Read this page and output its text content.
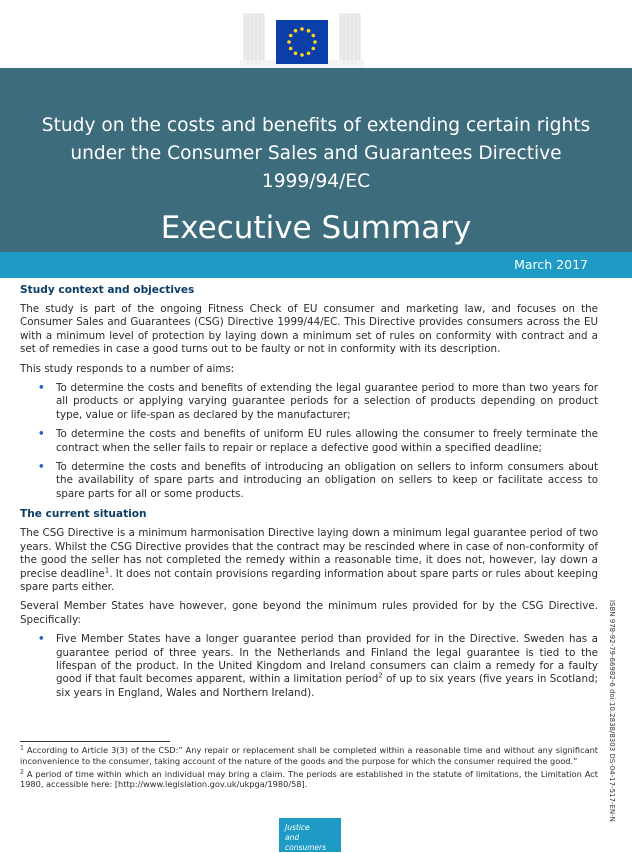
Study on the costs and benefits of extending certain rights
under the Consumer Sales and Guarantees Directive
1999/94/EC
Executive Summary
March 2017
Study context and objectives

The study is part of the ongoing Fitness Check of EU consumer and marketing law, and focuses on the Consumer Sales and Guarantees (CSG) Directive 1999/44/EC. This Directive provides consumers across the EU with a minimum level of protection by laying down a minimum set of rules on conformity with contract and a set of remedies in case a good turns out to be faulty or not in conformity with its description.

This study responds to a number of aims:

• To determine the costs and benefits of extending the legal guarantee period to more than two years for all products or applying varying guarantee periods for a selection of products depending on product type, value or life-span as declared by the manufacturer;
• To determine the costs and benefits of uniform EU rules allowing the consumer to freely terminate the contract when the seller fails to repair or replace a defective good within a specified deadline;
• To determine the costs and benefits of introducing an obligation on sellers to inform consumers about the availability of spare parts and introducing an obligation on sellers to keep or facilitate access to spare parts for all or some products.
The current situation

The CSG Directive is a minimum harmonisation Directive laying down a minimum legal guarantee period of two years. Whilst the CSG Directive provides that the contract may be rescinded where in case of non-conformity of the good the seller has not completed the remedy within a reasonable time, it does not, however, lay down a precise deadline$^1$. It does not contain provisions regarding information about spare parts or rules about keeping spare parts either.

Several Member States have however, gone beyond the minimum rules provided for by the CSG Directive. Specifically:

• Five Member States have a longer guarantee period than provided for in the Directive. Sweden has a guarantee period of three years. In the Netherlands and Finland the legal guarantee is tied to the lifespan of the product. In the United Kingdom and Ireland consumers can claim a remedy for a faulty good if that fault becomes apparent, within a limitation period$^2$ of up to six years (five years in Scotland; six years in England, Wales and Northern Ireland).

$^1$ According to Article 3(3) of the CSD:” Any repair or replacement shall be completed within a reasonable time and without any significant inconvenience to the consumer, taking account of the nature of the goods and the purpose for which the consumer required the good.”

$^2$ A period of time within which an individual may bring a claim. The periods are established in the statute of limitations, the Limitation Act 1980, accessible here: [http://www.legislation.gov.uk/ukpga/1980/58].	ISBN 978-92-79-66982-6 doi:10.2838/8303 DS-04-17-517-EN-N
Justice
and consumers
